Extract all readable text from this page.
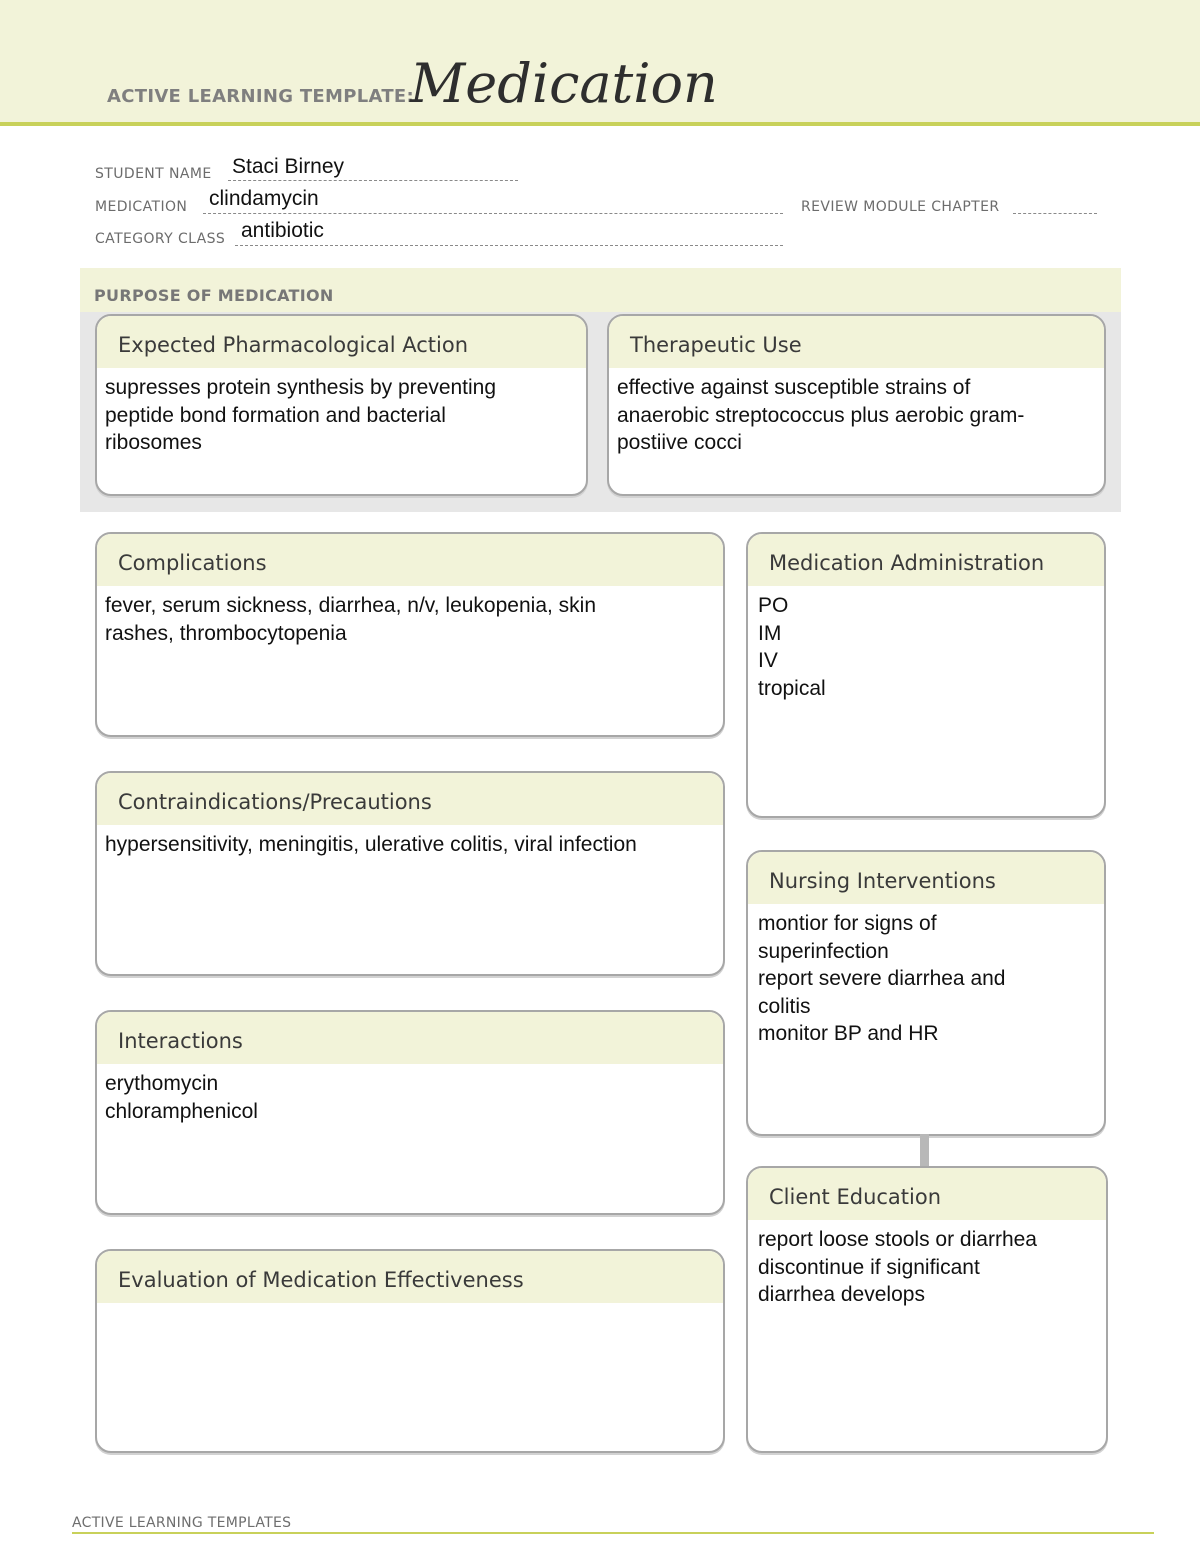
ACTIVE LEARNING TEMPLATE:
Medication
STUDENT NAME Staci Birney
MEDICATION clindamycin	REVIEW MODULE CHAPTER
CATEGORY CLASS antibiotic
PURPOSE OF MEDICATION
Expected Pharmacological Action
supresses protein synthesis by preventing
peptide bond formation and bacterial
ribosomes
Therapeutic Use
effective against susceptible strains of
anaerobic streptococcus plus aerobic gram-
postiive cocci
Complications
fever, serum sickness, diarrhea, n/v, leukopenia, skin
rashes, thrombocytopenia
Contraindications/Precautions
hypersensitivity, meningitis, ulerative colitis, viral infection
Interactions
erythomycin
chloramphenicol
Evaluation of Medication Effectiveness
Medication Administration
PO
IM
IV
tropical
Nursing Interventions
montior for signs of
superinfection
report severe diarrhea and
colitis
monitor BP and HR
Client Education
report loose stools or diarrhea
discontinue if significant
diarrhea develops
ACTIVE LEARNING TEMPLATES
